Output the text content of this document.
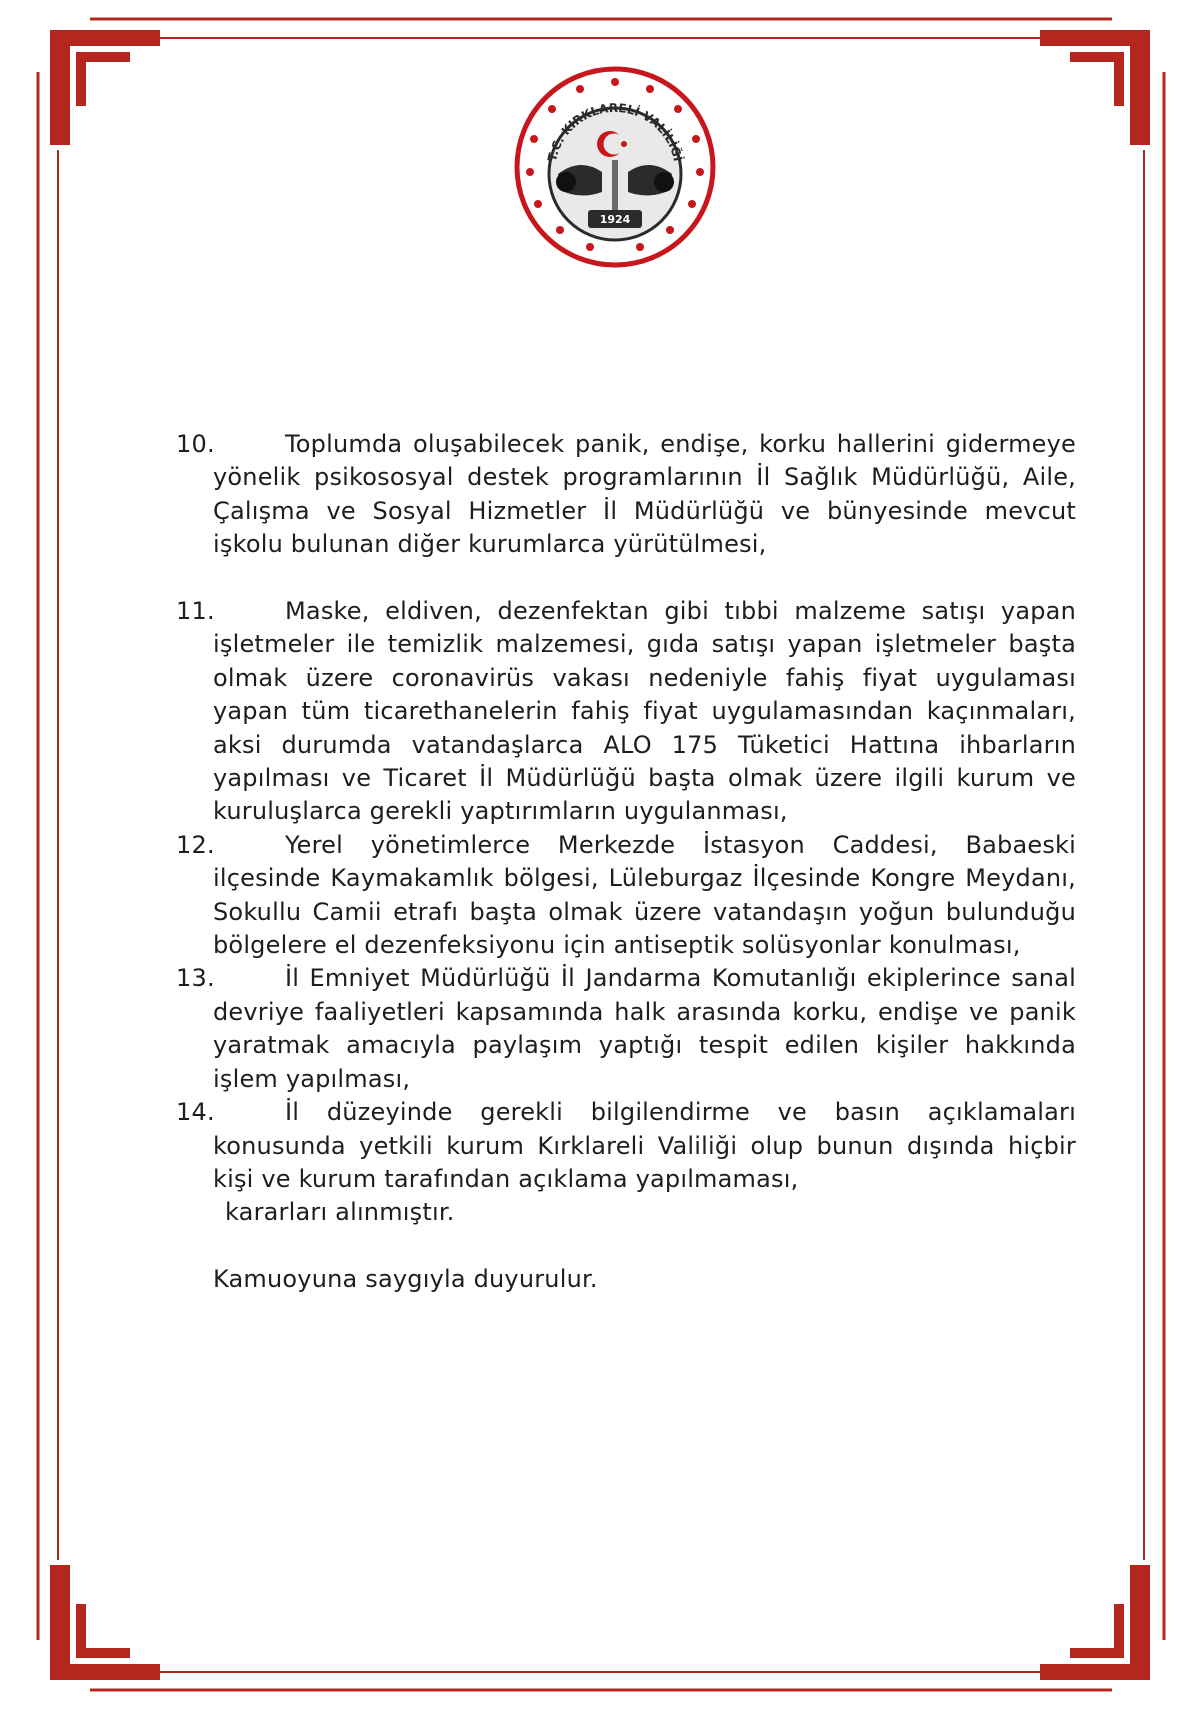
T.C. KIRKLARELİ VALİLİĞİ
1924
10.	Toplumda oluşabilecek panik, endişe, korku hallerini gidermeye yönelik psikososyal destek programlarının İl Sağlık Müdürlüğü, Aile, Çalışma ve Sosyal Hizmetler İl Müdürlüğü ve bünyesinde mevcut işkolu bulunan diğer kurumlarca yürütülmesi,
11.	Maske, eldiven, dezenfektan gibi tıbbi malzeme satışı yapan işletmeler ile temizlik malzemesi, gıda satışı yapan işletmeler başta olmak üzere coronavirüs vakası nedeniyle fahiş fiyat uygulaması yapan tüm ticarethanelerin fahiş fiyat uygulamasından kaçınmaları, aksi durumda vatandaşlarca ALO 175 Tüketici Hattına ihbarların yapılması ve Ticaret İl Müdürlüğü başta olmak üzere ilgili kurum ve kuruluşlarca gerekli yaptırımların uygulanması,
12.	Yerel yönetimlerce Merkezde İstasyon Caddesi, Babaeski ilçesinde Kaymakamlık bölgesi, Lüleburgaz İlçesinde Kongre Meydanı, Sokullu Camii etrafı başta olmak üzere vatandaşın yoğun bulunduğu bölgelere el dezenfeksiyonu için antiseptik solüsyonlar konulması,
13.	İl Emniyet Müdürlüğü İl Jandarma Komutanlığı ekiplerince sanal devriye faaliyetleri kapsamında halk arasında korku, endişe ve panik yaratmak amacıyla paylaşım yaptığı tespit edilen kişiler hakkında işlem yapılması,
14.	İl düzeyinde gerekli bilgilendirme ve basın açıklamaları konusunda yetkili kurum Kırklareli Valiliği olup bunun dışında hiçbir kişi ve kurum tarafından açıklama yapılmaması,

kararları alınmıştır.

Kamuoyuna saygıyla duyurulur.
